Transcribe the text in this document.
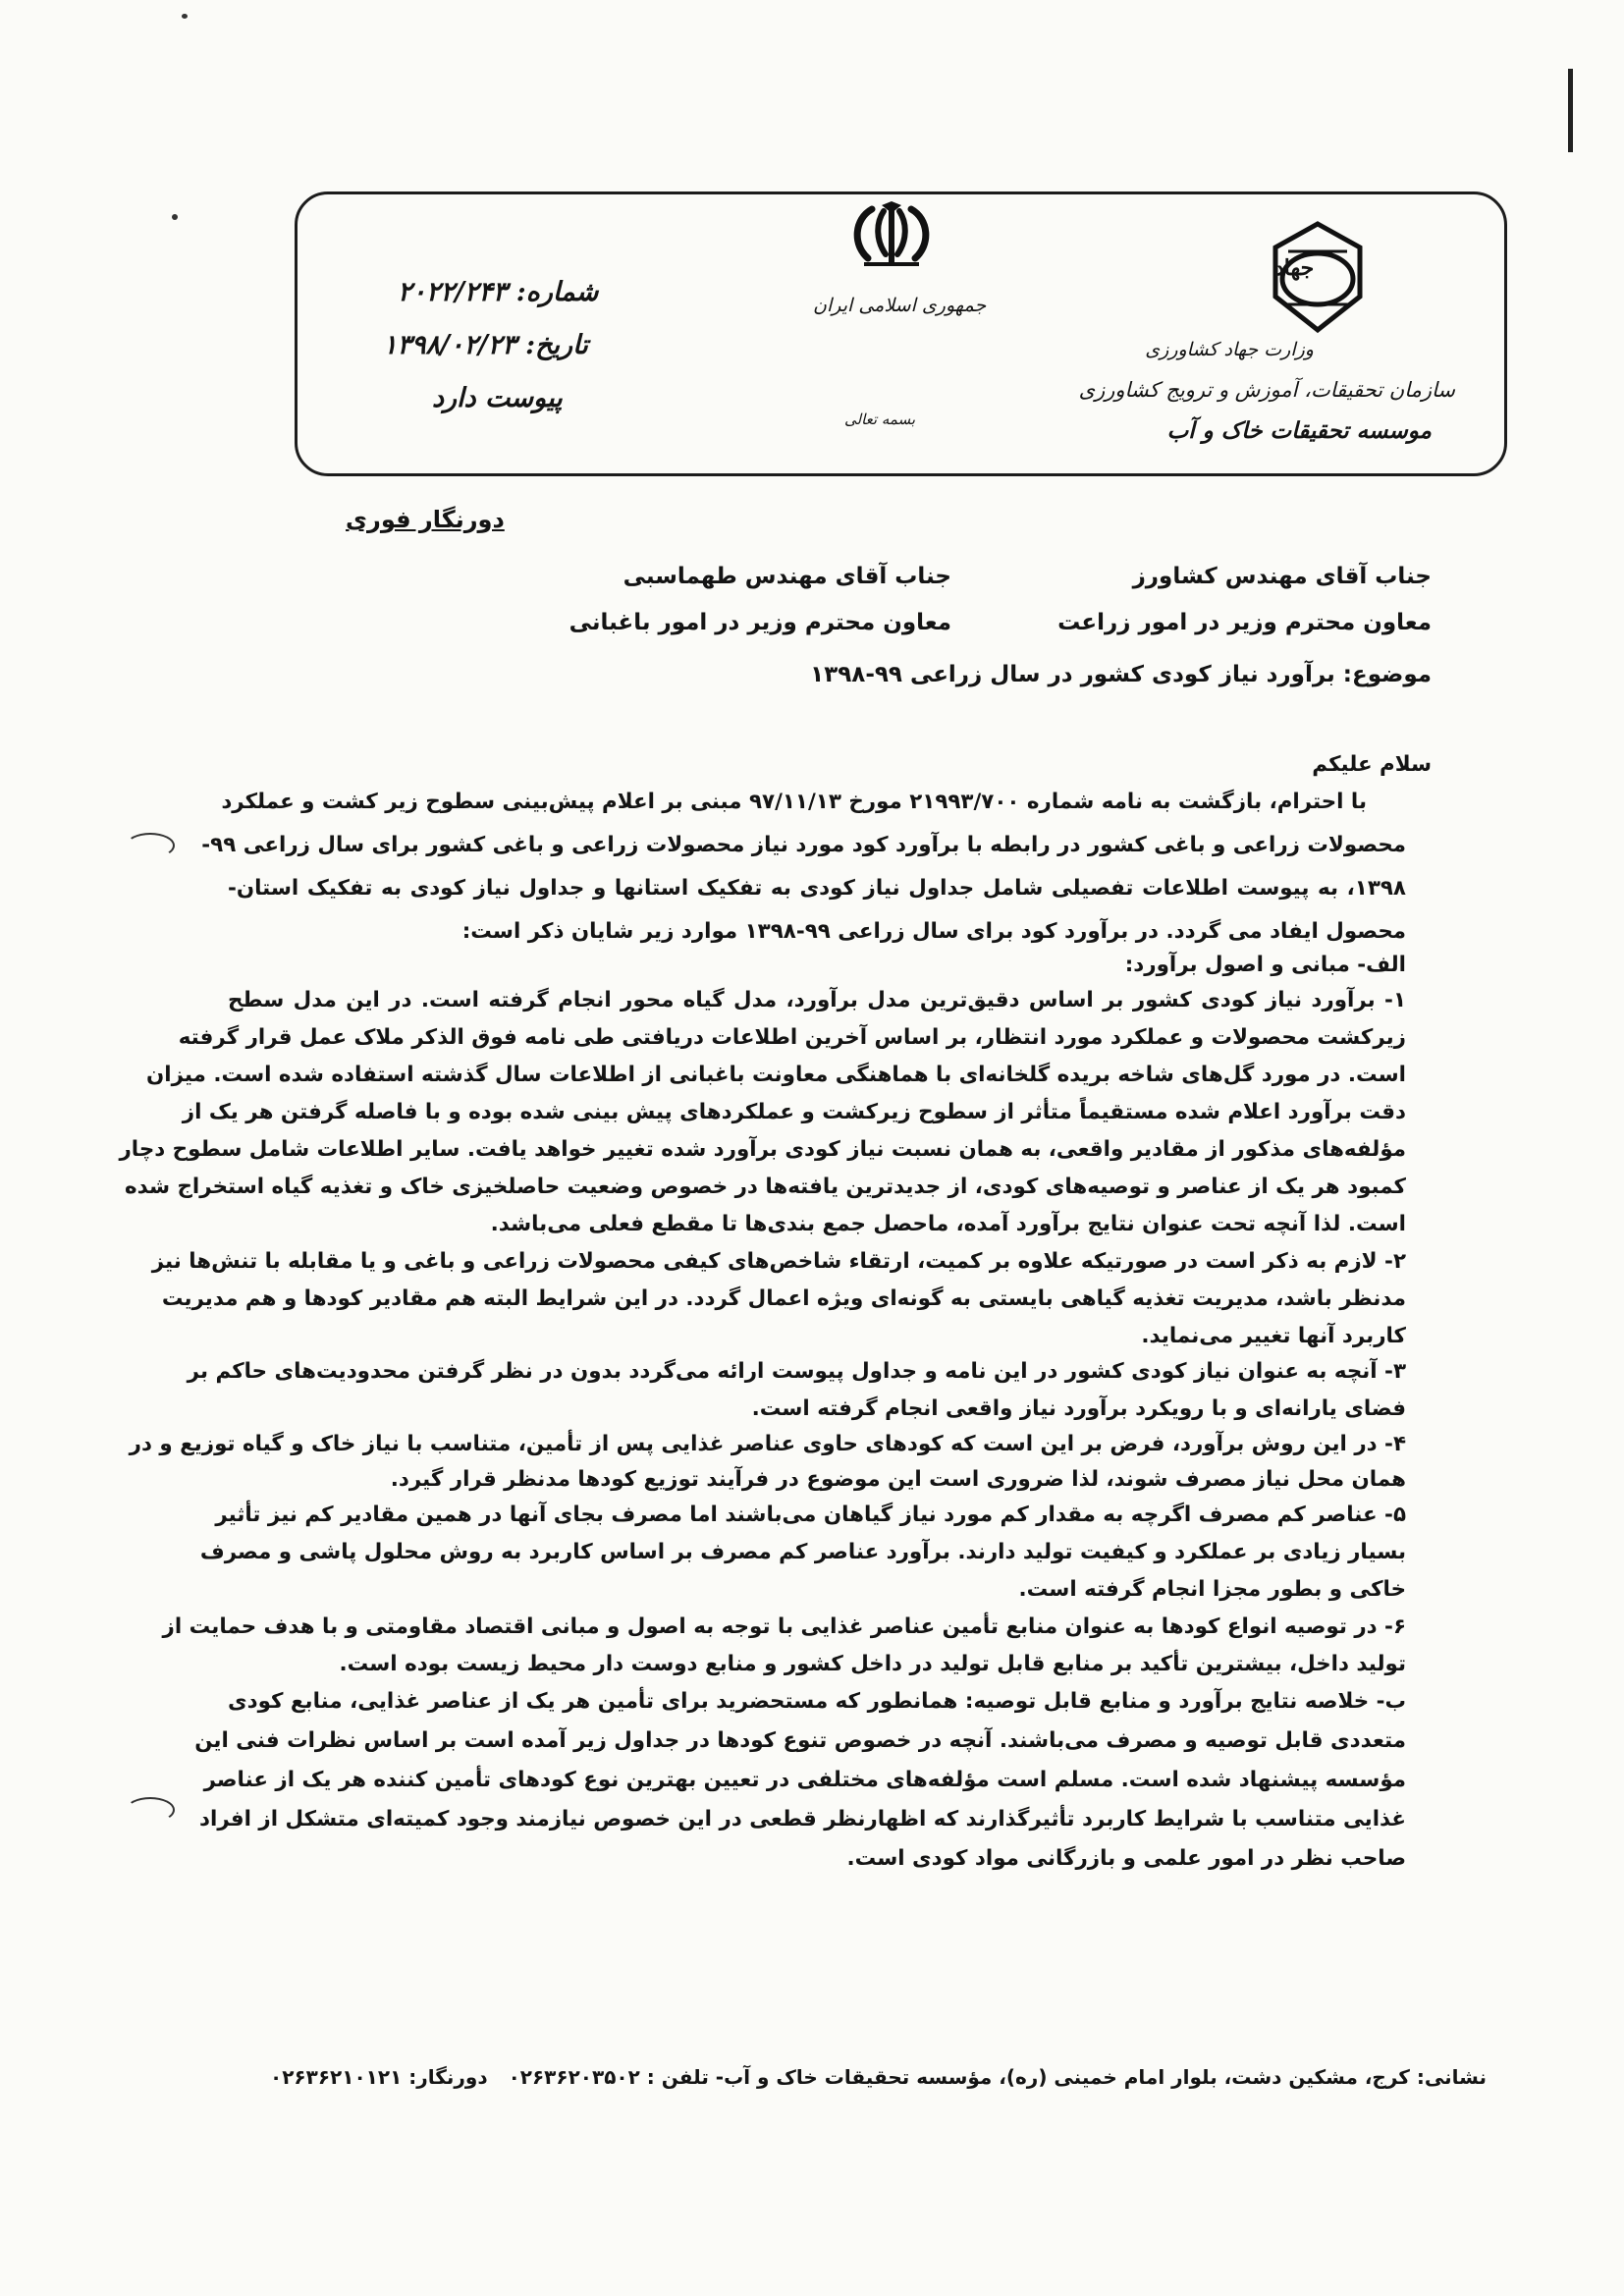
جمهوری اسلامی ایران
بسمه تعالی
جهاد
وزارت جهاد کشاورزی
سازمان تحقیقات، آموزش و ترویج کشاورزی
موسسه تحقیقات خاک و آب
شماره: ۲۰۲۲/۲۴۳
تاریخ: ۱۳۹۸/۰۲/۲۳
پیوست دارد
دورنگار فوری
جناب آقای مهندس کشاورز
معاون محترم وزیر در امور زراعت
جناب آقای مهندس طهماسبی
معاون محترم وزیر در امور باغبانی
موضوع: برآورد نیاز کودی کشور در سال زراعی ۹۹-۱۳۹۸
سلام علیکم
با احترام، بازگشت به نامه شماره ۲۱۹۹۳/۷۰۰ مورخ ۹۷/۱۱/۱۳ مبنی بر اعلام پیش‌بینی سطوح زیر کشت و عملکرد
محصولات زراعی و باغی کشور در رابطه با برآورد کود مورد نیاز محصولات زراعی و باغی کشور برای سال زراعی ۹۹-
۱۳۹۸، به پیوست اطلاعات تفصیلی شامل جداول نیاز کودی به تفکیک استانها و جداول نیاز کودی به تفکیک استان-
محصول ایفاد می گردد. در برآورد کود برای سال زراعی ۹۹-۱۳۹۸ موارد زیر شایان ذکر است:
الف- مبانی و اصول برآورد:
۱- برآورد نیاز کودی کشور بر اساس دقیق‌ترین مدل برآورد، مدل گیاه محور انجام گرفته است. در این مدل سطح
زیرکشت محصولات و عملکرد مورد انتظار، بر اساس آخرین اطلاعات دریافتی طی نامه فوق الذکر ملاک عمل قرار گرفته
است. در مورد گل‌های شاخه بریده گلخانه‌ای با هماهنگی معاونت باغبانی از اطلاعات سال گذشته استفاده شده است. میزان
دقت برآورد اعلام شده مستقیماً متأثر از سطوح زیرکشت و عملکردهای پیش بینی شده بوده و با فاصله گرفتن هر یک از
مؤلفه‌های مذکور از مقادیر واقعی، به همان نسبت نیاز کودی برآورد شده تغییر خواهد یافت. سایر اطلاعات شامل سطوح دچار
کمبود هر یک از عناصر و توصیه‌های کودی، از جدیدترین یافته‌ها در خصوص وضعیت حاصلخیزی خاک و تغذیه گیاه استخراج شده
است. لذا آنچه تحت عنوان نتایج برآورد آمده، ماحصل جمع بندی‌ها تا مقطع فعلی می‌باشد.
۲- لازم به ذکر است در صورتیکه علاوه بر کمیت، ارتقاء شاخص‌های کیفی محصولات زراعی و باغی و یا مقابله با تنش‌ها نیز
مدنظر باشد، مدیریت تغذیه گیاهی بایستی به گونه‌ای ویژه اعمال گردد. در این شرایط البته هم مقادیر کودها و هم مدیریت
کاربرد آنها تغییر می‌نماید.
۳- آنچه به عنوان نیاز کودی کشور در این نامه و جداول پیوست ارائه می‌گردد بدون در نظر گرفتن محدودیت‌های حاکم بر
فضای یارانه‌ای و با رویکرد برآورد نیاز واقعی انجام گرفته است.
۴- در این روش برآورد، فرض بر این است که کودهای حاوی عناصر غذایی پس از تأمین، متناسب با نیاز خاک و گیاه توزیع و در
همان محل نیاز مصرف شوند، لذا ضروری است این موضوع در فرآیند توزیع کودها مدنظر قرار گیرد.
۵- عناصر کم مصرف اگرچه به مقدار کم مورد نیاز گیاهان می‌باشند اما مصرف بجای آنها در همین مقادیر کم نیز تأثیر
بسیار زیادی بر عملکرد و کیفیت تولید دارند. برآورد عناصر کم مصرف بر اساس کاربرد به روش محلول پاشی و مصرف
خاکی و بطور مجزا انجام گرفته است.
۶- در توصیه انواع کودها به عنوان منابع تأمین عناصر غذایی با توجه به اصول و مبانی اقتصاد مقاومتی و با هدف حمایت از
تولید داخل، بیشترین تأکید بر منابع قابل تولید در داخل کشور و منابع دوست دار محیط زیست بوده است.
ب- خلاصه نتایج برآورد و منابع قابل توصیه: همانطور که مستحضرید برای تأمین هر یک از عناصر غذایی، منابع کودی
متعددی قابل توصیه و مصرف می‌باشند. آنچه در خصوص تنوع کودها در جداول زیر آمده است بر اساس نظرات فنی این
مؤسسه پیشنهاد شده است. مسلم است مؤلفه‌های مختلفی در تعیین بهترین نوع کودهای تأمین کننده هر یک از عناصر
غذایی متناسب با شرایط کاربرد تأثیرگذارند که اظهارنظر قطعی در این خصوص نیازمند وجود کمیته‌ای متشکل از افراد
صاحب نظر در امور علمی و بازرگانی مواد کودی است.
نشانی: کرج، مشکین دشت، بلوار امام خمینی (ره)، مؤسسه تحقیقات خاک و آب- تلفن : ۰۲۶۳۶۲۰۳۵۰۲
دورنگار: ۰۲۶۳۶۲۱۰۱۲۱
